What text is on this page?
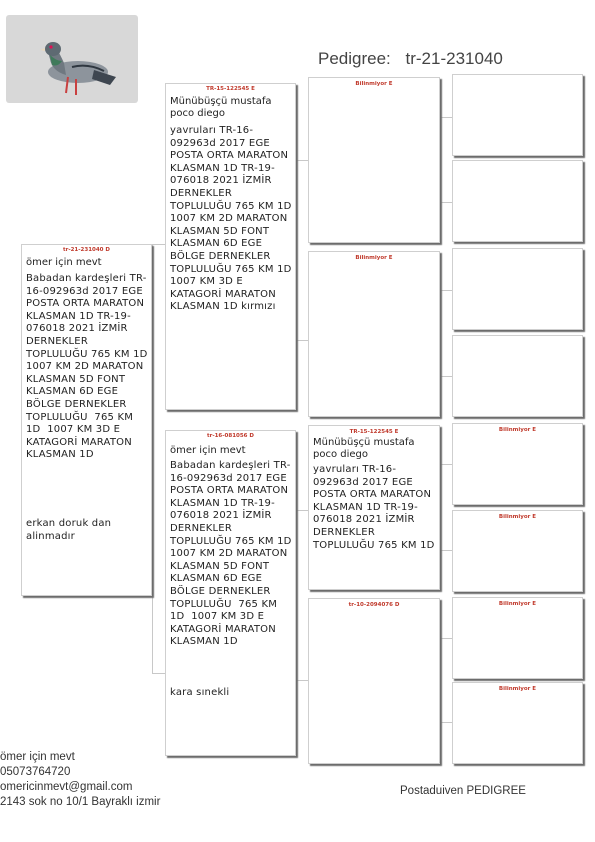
Pedigree: tr-21-231040
tr-21-231040 D
ömer için mevt
Babadan kardeşleri TR-16-092963d 2017 EGE POSTA ORTA MARATON KLASMAN 1D TR-19-076018 2021 İZMİR DERNEKLER TOPLULUĞU 765 KM 1D 1007 KM 2D MARATON KLASMAN 5D FONT KLASMAN 6D EGE BÖLGE DERNEKLER TOPLULUĞU  765 KM 1D  1007 KM 3D E KATAGORİ MARATON KLASMAN 1D
erkan doruk dan alinmadır
TR-15-122545 E
Münübüşçü mustafa poco diego
yavruları TR-16-092963d 2017 EGE POSTA ORTA MARATON KLASMAN 1D TR-19-076018 2021 İZMİR DERNEKLER TOPLULUĞU 765 KM 1D 1007 KM 2D MARATON KLASMAN 5D FONT KLASMAN 6D EGE BÖLGE DERNEKLER TOPLULUĞU 765 KM 1D 1007 KM 3D E KATAGORİ MARATON KLASMAN 1D kırmızı
tr-16-081056 D
ömer için mevt
Babadan kardeşleri TR-16-092963d 2017 EGE POSTA ORTA MARATON KLASMAN 1D TR-19-076018 2021 İZMİR DERNEKLER TOPLULUĞU 765 KM 1D 1007 KM 2D MARATON KLASMAN 5D FONT KLASMAN 6D EGE BÖLGE DERNEKLER TOPLULUĞU  765 KM 1D  1007 KM 3D E KATAGORİ MARATON KLASMAN 1D
kara sınekli
Bilinmiyor E
Bilinmiyor E
TR-15-122545 E
Münübüşçü mustafa poco diego
yavruları TR-16-092963d 2017 EGE POSTA ORTA MARATON KLASMAN 1D TR-19-076018 2021 İZMİR DERNEKLER TOPLULUĞU 765 KM 1D
tr-10-2094076 D
Bilinmiyor E
Bilinmiyor E
Bilinmiyor E
Bilinmiyor E
ömer için mevt
05073764720
omericinmevt@gmail.com
2143 sok no 10/1 Bayraklı izmir
Postaduiven PEDIGREE
